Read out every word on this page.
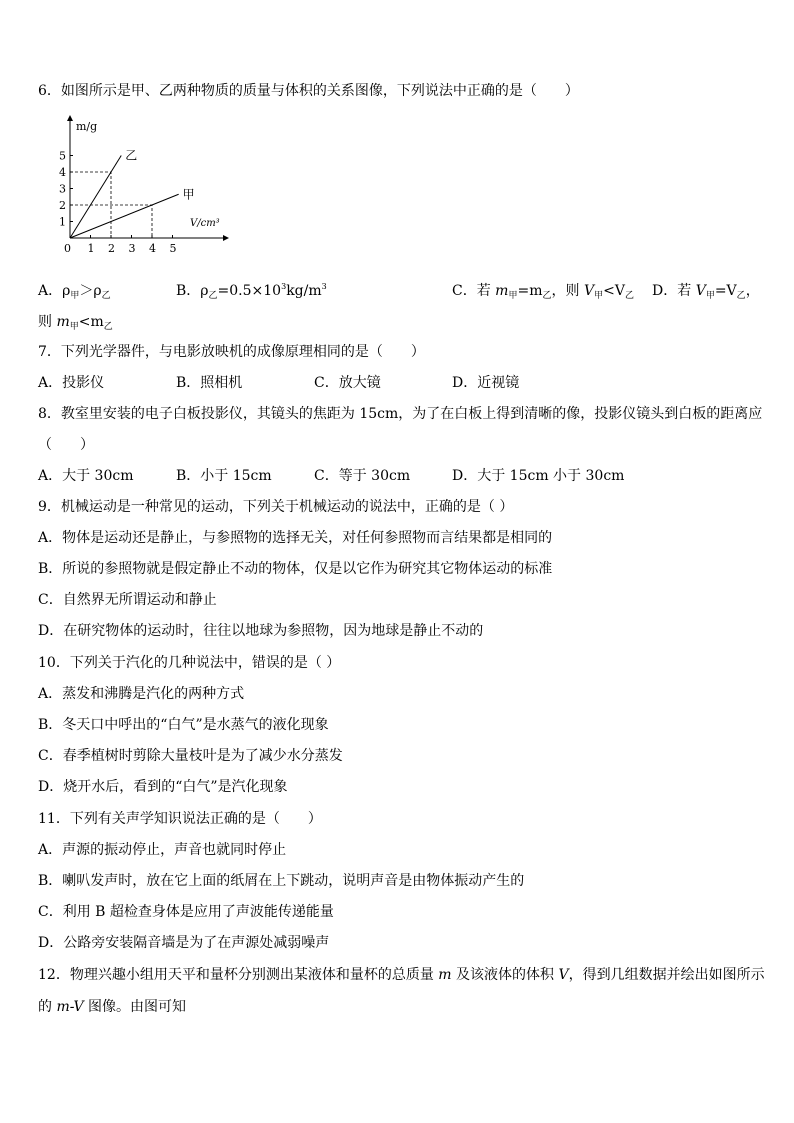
6．如图所示是甲、乙两种物质的质量与体积的关系图像，下列说法中正确的是（　　）
1 2 3 4 5
1
2
3
4
5	乙
甲
m/g
V/cm³
0
A．$\rho_甲>\rho_乙$	B．$\rho_乙=0.5\times 10^3kg/m^3$	C．若 $m_甲=m_乙$，则 $V_甲<V_乙$ D．若 $V_甲=V_乙$，
则 $m_甲<m_乙$
7．下列光学器件，与电影放映机的成像原理相同的是（　　）
A．投影仪	B．照相机	C．放大镜	D．近视镜
8．教室里安装的电子白板投影仪，其镜头的焦距为 15cm，为了在白板上得到清晰的像，投影仪镜头到白板的距离应
（　　）
A．大于 30cm	B．小于 15cm	C．等于 30cm	D．大于 15cm 小于 30cm
9．机械运动是一种常见的运动，下列关于机械运动的说法中，正确的是（ ）
A．物体是运动还是静止，与参照物的选择无关，对任何参照物而言结果都是相同的
B．所说的参照物就是假定静止不动的物体，仅是以它作为研究其它物体运动的标准
C．自然界无所谓运动和静止
D．在研究物体的运动时，往往以地球为参照物，因为地球是静止不动的
10．下列关于汽化的几种说法中，错误的是（ ）
A．蒸发和沸腾是汽化的两种方式
B．冬天口中呼出的“白气”是水蒸气的液化现象
C．春季植树时剪除大量枝叶是为了减少水分蒸发
D．烧开水后，看到的“白气”是汽化现象
11．下列有关声学知识说法正确的是（　　）
A．声源的振动停止，声音也就同时停止
B．喇叭发声时，放在它上面的纸屑在上下跳动，说明声音是由物体振动产生的
C．利用 B 超检查身体是应用了声波能传递能量
D．公路旁安装隔音墙是为了在声源处减弱噪声
12．物理兴趣小组用天平和量杯分别测出某液体和量杯的总质量 m 及该液体的体积 V，得到几组数据并绘出如图所示
的 m-V 图像。由图可知
